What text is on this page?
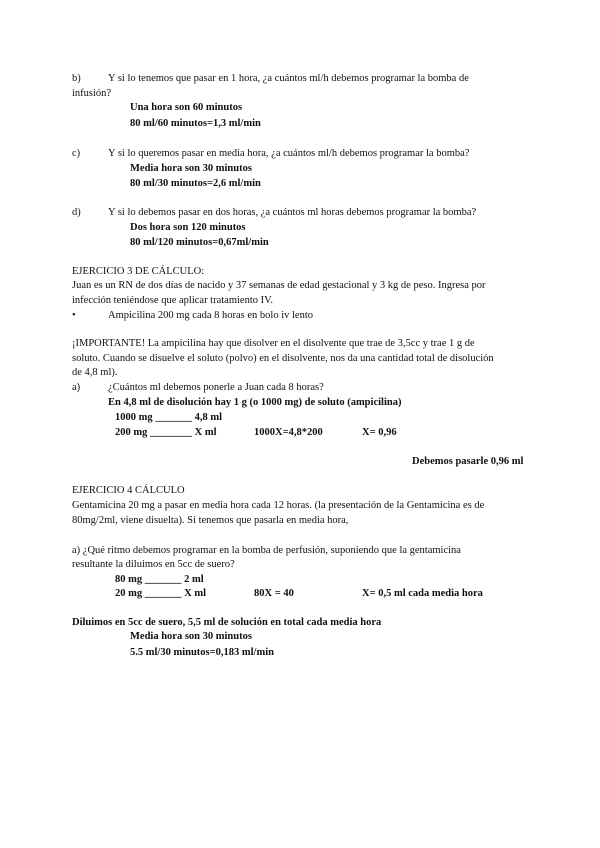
b)	Y si lo tenemos que pasar en 1 hora, ¿a cuántos ml/h debemos programar la bomba de
infusión?
Una hora son 60 minutos
80 ml/60 minutos=1,3 ml/min
c)	Y si lo queremos pasar en media hora, ¿a cuántos ml/h debemos programar la bomba?
Media hora son 30 minutos
80 ml/30 minutos=2,6 ml/min
d)	Y si lo debemos pasar en dos horas, ¿a cuántos ml horas debemos programar la bomba?
Dos hora son 120 minutos
80 ml/120 minutos=0,67ml/min
EJERCICIO 3 DE CÁLCULO:
Juan es un RN de dos días de nacido y 37 semanas de edad gestacional y 3 kg de peso. Ingresa por
infección teniéndose que aplicar tratamiento IV.
•	Ampicilina 200 mg cada 8 horas en bolo iv lento
¡IMPORTANTE! La ampicilina hay que disolver en el disolvente que trae de 3,5cc y trae 1 g de
soluto. Cuando se disuelve el soluto (polvo) en el disolvente, nos da una cantidad total de disolución
de 4,8 ml).
a)	¿Cuántos ml debemos ponerle a Juan cada 8 horas?
En 4,8 ml de disolución hay 1 g (o 1000 mg) de soluto (ampicilina)
1000 mg _______ 4,8 ml
200 mg ________ X ml	1000X=4,8*200	X= 0,96
Debemos pasarle 0,96 ml
EJERCICIO 4 CÁLCULO
Gentamicina 20 mg a pasar en media hora cada 12 horas. (la presentación de la Gentamicina es de
80mg/2ml, viene disuelta). Si tenemos que pasarla en media hora,
a) ¿Qué ritmo debemos programar en la bomba de perfusión, suponiendo que la gentamicina
resultante la diluimos en 5cc de suero?
80 mg _______ 2 ml
20 mg _______ X ml	80X = 40	X= 0,5 ml cada media hora
Diluimos en 5cc de suero, 5,5 ml de solución en total cada media hora
Media hora son 30 minutos
5.5 ml/30 minutos=0,183 ml/min
